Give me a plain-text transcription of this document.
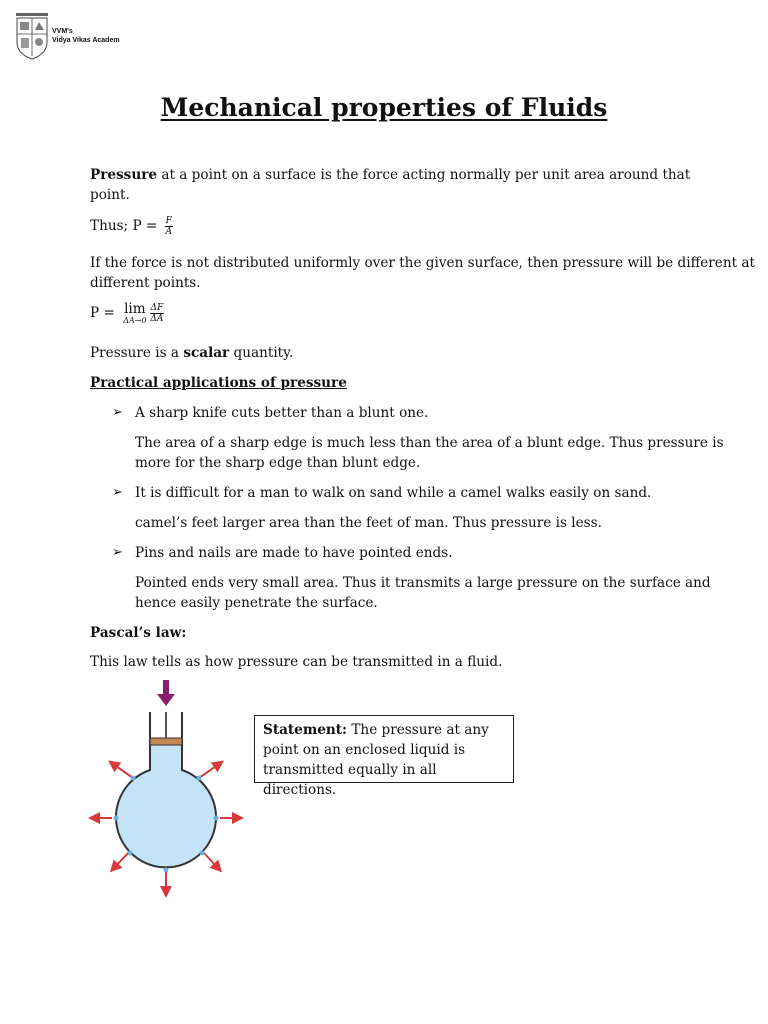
VVM's
Vidya Vikas Academ
Mechanical properties of Fluids
Pressure at a point on a surface is the force acting normally per unit area around that
point.
Thus; $P = \frac{F}{A}$
If the force is not distributed uniformly over the given surface, then pressure will be different at
different points.
P = lim
$\Delta A\to 0 \frac{\Delta F}{\Delta A}$
Pressure is a scalar quantity.
Practical applications of pressure
➢ A sharp knife cuts better than a blunt one.
The area of a sharp edge is much less than the area of a blunt edge. Thus pressure is
more for the sharp edge than blunt edge.
➢ It is difficult for a man to walk on sand while a camel walks easily on sand.
camel’s feet larger area than the feet of man. Thus pressure is less.
➢ Pins and nails are made to have pointed ends.
Pointed ends very small area. Thus it transmits a large pressure on the surface and
hence easily penetrate the surface.
Pascal’s law:
This law tells as how pressure can be transmitted in a fluid.
Statement: The pressure at any
point on an enclosed liquid is
transmitted equally in all directions.
